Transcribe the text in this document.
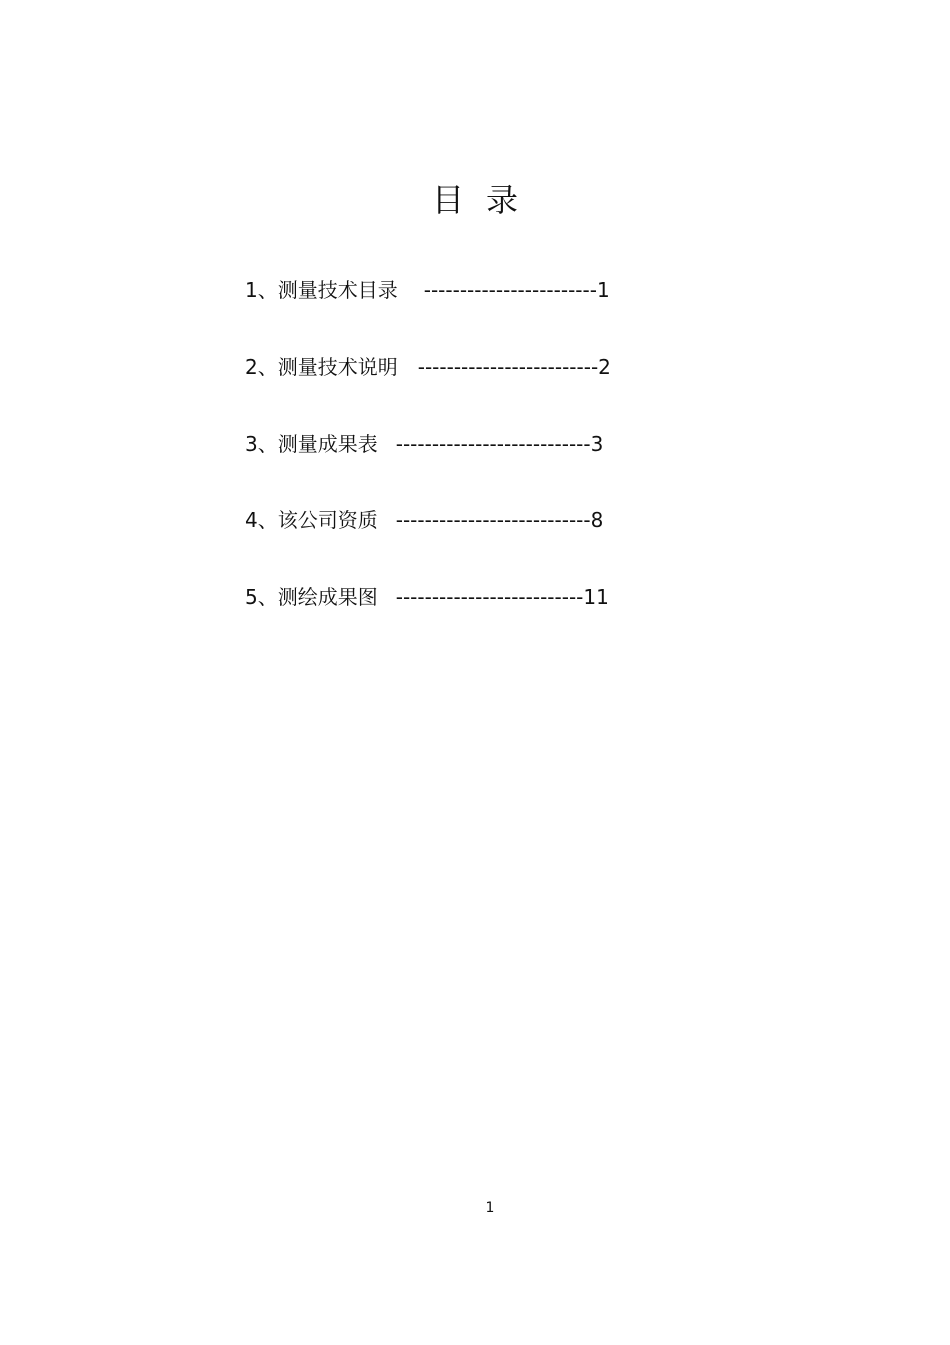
目 录
1、测量技术目录 ------------------------1
2、测量技术说明 -------------------------2
3、测量成果表 ---------------------------3
4、该公司资质 ---------------------------8
5、测绘成果图 --------------------------11
1
